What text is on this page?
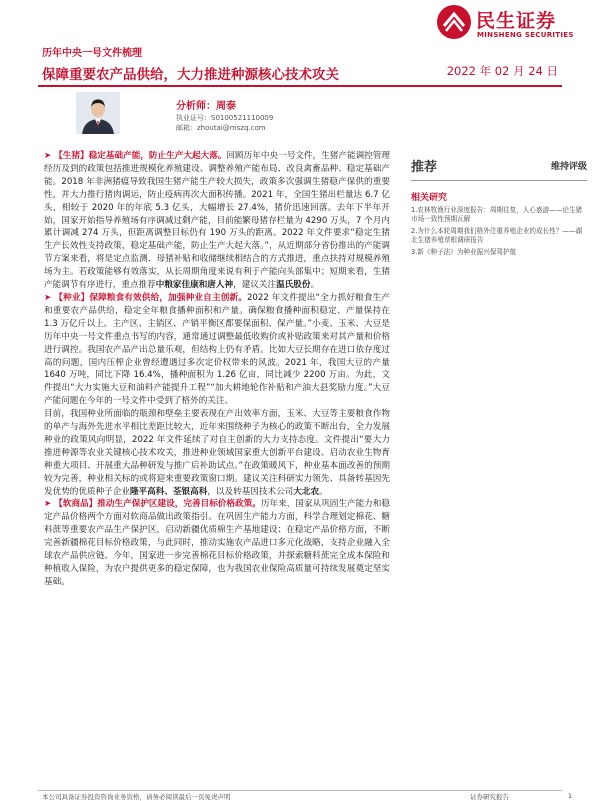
历年中央一号文件梳理
民生证券
MINSHENG SECURITIES
保障重要农产品供给，大力推进种源核心技术攻关	2022 年 02 月 24 日
分析师：周泰
执业证号：S0100521110009
邮箱：zhoutai@mszq.com

➤ 【生猪】稳定基础产能，防止生产大起大落。回顾历年中央一号文件，生猪产能调控管理经历及到的政策包括推进规模化养殖建设、调整养殖产能布局、改良禽畜品种、稳定基础产能。2018 年非洲猪瘟导致我国生猪产能生产较大损失，政策多次强调生猪稳产保供的重要性，并大力推行猪肉调运，防止疫病再次大面积传播。2021 年，全国生猪出栏量达 6.7 亿头，相较于 2020 年的年底 5.3 亿头，大幅增长 27.4%，猪价迅速回落。去年下半年开始，国家开始指导养殖场有序调减过剩产能，目前能繁母猪存栏量为 4290 万头，7 个月内累计调减 274 万头，但距离调整目标仍有 190 万头的距离。2022 年文件要求“稳定生猪生产长效性支持政策，稳定基础产能，防止生产大起大落。”，从近期部分省份推出的产能调节方案来看，将是定点监测、母猪补贴和收储继续相结合的方式推进，重点扶持对规模养殖场为主。若政策能够有效落实，从长周期角度来说有利于产能向头部集中；短期来看，生猪产能调节有序进行，重点推荐中粮家佳康和唐人神，建议关注温氏股份。

➤ 【种业】保障粮食有效供给，加强种业自主创新。2022 年文件提出“全力抓好粮食生产和重要农产品供给，稳定全年粮食播种面积和产量。确保粮食播种面积稳定、产量保持在 1.3 万亿斤以上。主产区、主销区、产销平衡区都要保面积、保产量。”小麦、玉米、大豆是历年中央一号文件重点书写的内容，通常通过调整最低收购价或补贴政策来对其产量和价格进行调控。我国农产品产出总量乐观，但结构上仍有矛盾。比如大豆长期存在进口依存度过高的问题，国内压榨企业曾经遭遇过多次定价权带来的风波。2021 年，我国大豆的产量 1640 万吨，同比下降 16.4%，播种面积为 1.26 亿亩，同比减少 2200 万亩。为此，文件提出“大力实施大豆和油料产能提升工程”“加大耕地轮作补贴和产油大县奖励力度。”大豆产能问题在今年的一号文件中受到了格外的关注。

目前，我国种业所面临的瓶颈和壁垒主要表现在产出效率方面，玉米、大豆等主要粮食作物的单产与海外先进水平相比差距比较大，近年来围绕种子为核心的政策不断出台，全力发展种业的政策风向明显，2022 年文件延续了对自主创新的大力支持态度。文件提出“要大力推进种源等农业关键核心技术攻关，推进种业领域国家重大创新平台建设、启动农业生物育种重大项目、开展重大品种研发与推广后补助试点。”在政策暖风下，种业基本面改善的预期较为完善，种业相关标的或将迎来重要政策窗口期。建议关注科研实力领先、具备转基因先发优势的优质种子企业隆平高科、荃银高科，以及转基因技术公司大北农。

➤ 【软商品】推动生产保护区建设，完善目标价格政策。历年来，国家从巩固生产能力和稳定产品价格两个方面对软商品做出政策指引。在巩固生产能力方面，科学合理划定棉花、糖料蔗等重要农产品生产保护区，启动新疆优质棉生产基地建设；在稳定产品价格方面，不断完善新疆棉花目标价格政策，与此同时，推动实施农产品进口多元化战略，支持企业融入全球农产品供应链。今年，国家进一步完善棉花目标价格政策，并探索糖料蔗完全成本保险和种植收入保险，为农户提供更多的稳定保障，也为我国农业保险高质量可持续发展奠定坚实基础。

推荐	维持评级
相关研究
1.农林牧渔行业深度报告：周期往复，人心惑游——论生猪市场一致性预期瓦解
2.为什么本轮周期我们格外注重养殖企业的成长性？——湖北生猪养殖草根调研报告
3.新《种子法》为种业振兴保驾护航
本公司具备证券投资咨询业务资格，请务必阅读最后一页免责声明	证券研究报告	1
